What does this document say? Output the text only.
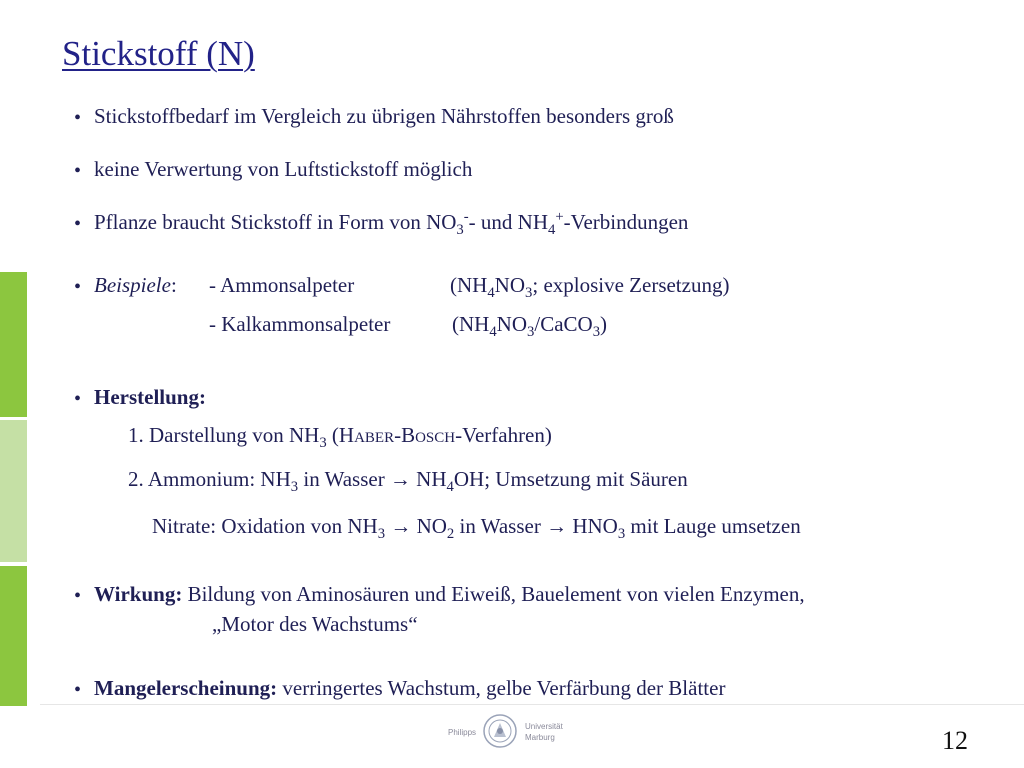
Stickstoff (N)
• Stickstoffbedarf im Vergleich zu übrigen Nährstoffen besonders groß
• keine Verwertung von Luftstickstoff möglich
• Pflanze braucht Stickstoff in Form von $NO_3^--$ und $NH_4^+$-Verbindungen
• Beispiele: - Ammonsalpeter	($NH_4NO_3$; explosive Zersetzung)
- Kalkammonsalpeter	$(NH_4NO_3/CaCO_3)$
• Herstellung:
1. Darstellung von $NH_3$ (Haber-Bosch-Verfahren)
2. Ammonium: $NH_3$ in Wasser → $NH_4OH$; Umsetzung mit Säuren
Nitrate: Oxidation von $NH_3 \to NO_2$ in Wasser → $HNO_3$ mit Lauge umsetzen
• Wirkung: Bildung von Aminosäuren und Eiweiß, Bauelement von vielen Enzymen,
„Motor des Wachstums“
• Mangelerscheinung: verringertes Wachstum, gelbe Verfärbung der Blätter
Philipps
Universität
Marburg	12
